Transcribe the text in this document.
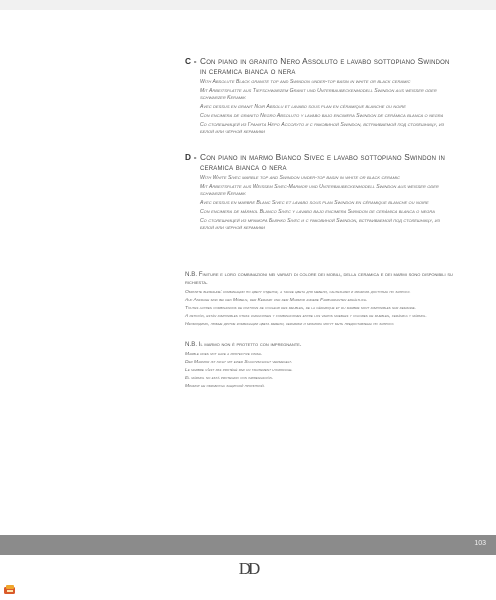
C - Con piano in granito Nero Assoluto e lavabo sottopiano Swindon in ceramica bianca o nera
With Absolute Black granite top and Swindon under-top basin in white or black ceramic
Mit Arbeitsplatte aus Tiefschwarzem Granit und Unterbaubeckenmodell Swindon aus weisser oder schwarzer Keramik
Avec dessus en granit Noir Absolu et lavabo sous plan en céramique blanche ou noire
Con encimera de granito Negro Absoluto y lavabo bajo encimera Swindon de cerámica blanca o negra
Со столешницей из Гранита Неро Ассолуто и с раковиной Swindon, встраиваемой под столешницу, из белой или чёрной керамики
D - Con piano in marmo Bianco Sivec e lavabo sottopiano Swindon in ceramica bianca o nera
With White Sivec marble top and Swindon under-top basin in white or black ceramic
Mit Arbeitsplatte aus Weissem Sivec-Marmor und Unterbaubeckenmodell Swindon aus weisser oder schwarzer Keramik
Avec dessus en marbre Blanc Sivec et lavabo sous plan Swindon en céramique blanche ou noire
Con encimera de mármol Blanco Sivec y lavabo bajo encimera Swindon de cerámica blanca o negra
Со столешницей из мрамора Бьянко Sivec и с раковиной Swindon, встраиваемой под столешницу, из белой или чёрной керамики
N.B. Finiture e loro combinazioni nei variati di colore dei mobili, della ceramica e dei marmi sono disponibili su richiesta.
Обратите внимание: комбинации по цвету отделок, а также цвета для мебели, сантехники и мрамора доступны по запросу.
Auf Anfrage sind bei den Möbeln, der Keramik und dem Marmor andere Farbvarianten erhältlich.
Toutes autres combinaisons de finitions de couleur des meubles, de la céramique et du marbre sont disponibles sur demande.
A petición, están disponibles otras variaciones y combinaciones entre los varios muebles y colores de muebles, cerámica y mármol.
Необходимо, любые другие комбинации цвета мебели, керамики и мрамора могут быть предоставлены по запросу.
N.B. Il marmo non è protetto con impregnante.
Marble does not have a protective finish.
Der Marmor ist nicht mit einer Schutzschicht versiegelt.
Le marbre n'est pas protégé par un traitement hydrofuge.
El mármol no está protegido con impregnación.
Мрамор не обработан защитной пропиткой.
103
DD
